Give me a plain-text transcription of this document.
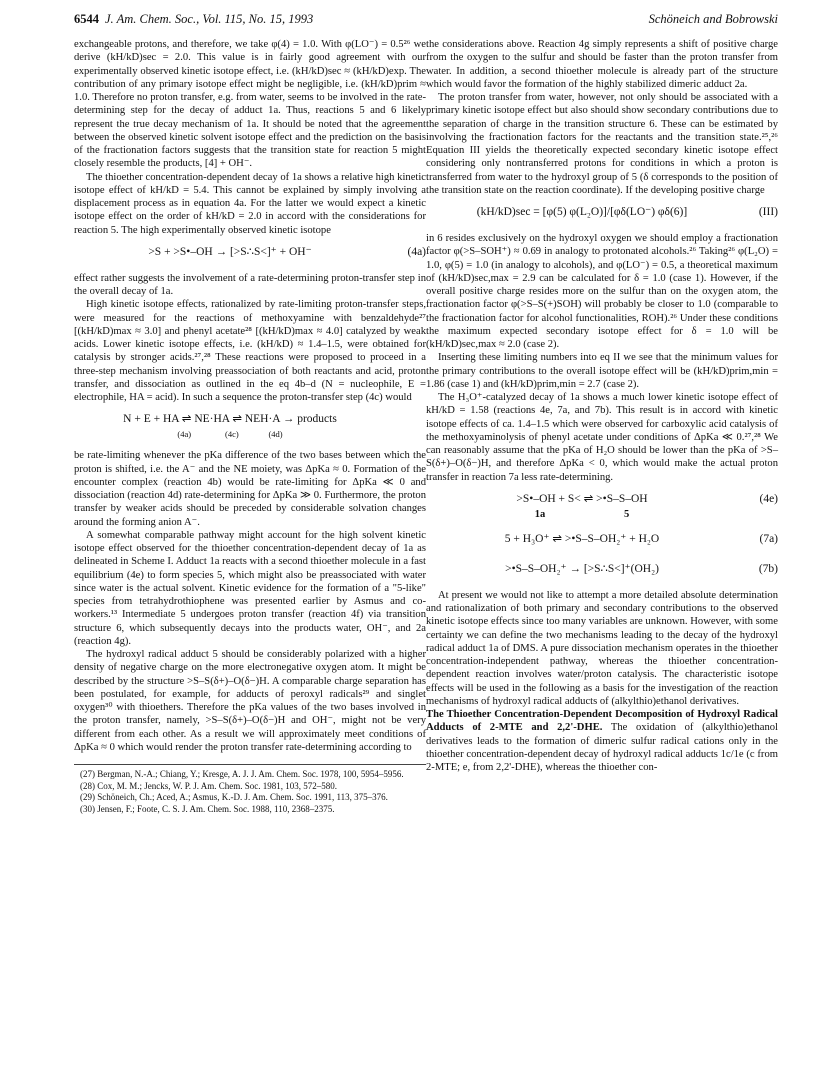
6544 J. Am. Chem. Soc., Vol. 115, No. 15, 1993	Schöneich and Bobrowski

exchangeable protons, and therefore, we take φ(4) = 1.0. With φ(LO⁻) = 0.5²⁶ we derive (kH/kD)sec = 2.0. This value is in fairly good agreement with our experimentally observed kinetic isotope effect, i.e. (kH/kD)sec ≈ (kH/kD)exp. The contribution of any primary isotope effect might be negligible, i.e. (kH/kD)prim ≈ 1.0. Therefore no proton transfer, e.g. from water, seems to be involved in the rate-determining step for the decay of adduct 1a. Thus, reactions 5 and 6 likely represent the true decay mechanism of 1a. It should be noted that the agreement between the observed kinetic solvent isotope effect and the prediction on the basis of the fractionation factors suggests that the transition state for reaction 5 might closely resemble the products, [4] + OH⁻.

The thioether concentration-dependent decay of 1a shows a relative high kinetic isotope effect of kH/kD = 5.4. This cannot be explained by simply involving a displacement process as in equation 4a. For the latter we would expect a kinetic isotope effect on the order of kH/kD = 2.0 in accord with the considerations for reaction 5. The high experimentally observed kinetic isotope

>S + >S•–OH → [>S∴S<]⁺ + OH⁻	(4a)

effect rather suggests the involvement of a rate-determining proton-transfer step in the overall decay of 1a.

High kinetic isotope effects, rationalized by rate-limiting proton-transfer steps, were measured for the reactions of methoxyamine with benzaldehyde²⁷ [(kH/kD)max ≈ 3.0] and phenyl acetate²⁸ [(kH/kD)max ≈ 4.0] catalyzed by weak acids. Lower kinetic isotope effects, i.e. (kH/kD) ≈ 1.4–1.5, were obtained for catalysis by stronger acids.²⁷,²⁸ These reactions were proposed to proceed in a three-step mechanism involving preassociation of both reactants and acid, proton transfer, and dissociation as outlined in the eq 4b–d (N = nucleophile, E = electrophile, HA = acid). In such a sequence the proton-transfer step (4c) would

N + E + HA ⇌ NE·HA ⇌ NEH·A → products
(4a)                (4c)              (4d)

be rate-limiting whenever the pKa difference of the two bases between which the proton is shifted, i.e. the A⁻ and the NE moiety, was ΔpKa ≈ 0. Formation of the encounter complex (reaction 4b) would be rate-limiting for ΔpKa ≪ 0 and dissociation (reaction 4d) rate-determining for ΔpKa ≫ 0. Furthermore, the proton transfer by weaker acids should be preceded by considerable solvation changes around the forming anion A⁻.

A somewhat comparable pathway might account for the high solvent kinetic isotope effect observed for the thioether concentration-dependent decay of 1a as delineated in Scheme I. Adduct 1a reacts with a second thioether molecule in a fast equilibrium (4e) to form species 5, which might also be preassociated with water since water is the actual solvent. Kinetic evidence for the formation of a "5-like" species from tetrahydrothiophene was presented earlier by Asmus and co-workers.¹³ Intermediate 5 undergoes proton transfer (reaction 4f) via transition structure 6, which subsequently decays into the products water, OH⁻, and 2a (reaction 4g).

The hydroxyl radical adduct 5 should be considerably polarized with a higher density of negative charge on the more electronegative oxygen atom. It might be described by the structure >S–S(δ+)–O(δ−)H. A comparable charge separation has been postulated, for example, for adducts of peroxyl radicals²⁹ and singlet oxygen³⁰ with thioethers. Therefore the pKa values of the two bases involved in the proton transfer, namely, >S–S(δ+)–O(δ−)H and OH⁻, might not be very different from each other. As a result we will approximately meet conditions of ΔpKa ≈ 0 which would render the proton transfer rate-determining according to

(27) Bergman, N.-A.; Chiang, Y.; Kresge, A. J. J. Am. Chem. Soc. 1978, 100, 5954–5956.
(28) Cox, M. M.; Jencks, W. P. J. Am. Chem. Soc. 1981, 103, 572–580.
(29) Schöneich, Ch.; Aced, A.; Asmus, K.-D. J. Am. Chem. Soc. 1991, 113, 375–376.
(30) Jensen, F.; Foote, C. S. J. Am. Chem. Soc. 1988, 110, 2368–2375.

the considerations above. Reaction 4g simply represents a shift of positive charge from the oxygen to the sulfur and should be faster than the proton transfer from water. In addition, a second thioether molecule is already part of the structure which would favor the formation of the highly stabilized dimeric adduct 2a.

The proton transfer from water, however, not only should be associated with a primary kinetic isotope effect but also should show secondary contributions due to the separation of charge in the transition structure 6. These can be estimated by involving the fractionation factors for the reactants and the transition state.²⁵,²⁶ Equation III yields the theoretically expected secondary kinetic isotope effect considering only nontransferred protons for conditions in which a proton is transferred from water to the hydroxyl group of 5 (δ corresponds to the position of the transition state on the reaction coordinate). If the developing positive charge

(kH/kD)sec = [φ(5) φ(L₂O)]/[φδ(LO⁻) φδ(6)]	(III)

in 6 resides exclusively on the hydroxyl oxygen we should employ a fractionation factor φ(>S–SOH⁺) ≈ 0.69 in analogy to protonated alcohols.²⁶ Taking²⁶ φ(L₂O) = 1.0, φ(5) = 1.0 (in analogy to alcohols), and φ(LO⁻) = 0.5, a theoretical maximum of (kH/kD)sec,max = 2.9 can be calculated for δ = 1.0 (case 1). However, if the overall positive charge resides more on the sulfur than on the oxygen atom, the fractionation factor φ(>S–S(+)SOH) will probably be closer to 1.0 (comparable to the fractionation factor for alcohol functionalities, ROH).²⁶ Under these conditions the maximum expected secondary isotope effect for δ = 1.0 will be (kH/kD)sec,max ≈ 2.0 (case 2).

Inserting these limiting numbers into eq II we see that the minimum values for the primary contributions to the overall isotope effect will be (kH/kD)prim,min = 1.86 (case 1) and (kH/kD)prim,min = 2.7 (case 2).

The H₃O⁺-catalyzed decay of 1a shows a much lower kinetic isotope effect of kH/kD = 1.58 (reactions 4e, 7a, and 7b). This result is in accord with kinetic isotope effects of ca. 1.4–1.5 which were observed for carboxylic acid catalysis of the methoxyaminolysis of phenyl acetate under conditions of ΔpKa ≪ 0.²⁷,²⁸ We can reasonably assume that the pKa of H₂O should be lower than the pKa of >S–S(δ+)–O(δ−)H, and therefore ΔpKa < 0, which would make the actual proton transfer in reaction 7a less rate-determining.

>S•–OH + S< ⇌ >•S–S–OH
1a                              5
(4e)
5 + H₃O⁺ ⇌ >•S–S–OH₂⁺ + H₂O	(7a)
>•S–S–OH₂⁺ → [>S∴S<]⁺(OH₂)	(7b)

At present we would not like to attempt a more detailed absolute determination and rationalization of both primary and secondary contributions to the observed kinetic isotope effects since too many variables are unknown. However, with some certainty we can define the two mechanisms leading to the decay of the hydroxyl radical adduct 1a of DMS. A pure dissociation mechanism operates in the thioether concentration-independent pathway, whereas the thioether concentration-dependent reaction involves water/proton catalysis. The characteristic isotope effects will be used in the following as a basis for the investigation of the reaction mechanisms of hydroxyl radical adducts of (alkylthio)ethanol derivatives.

The Thioether Concentration-Dependent Decomposition of Hydroxyl Radical Adducts of 2-MTE and 2,2'-DHE. The oxidation of (alkylthio)ethanol derivatives leads to the formation of dimeric sulfur radical cations only in the thioether concentration-dependent decay of hydroxyl radical adducts 1c/1e (c from 2-MTE; e, from 2,2'-DHE), whereas the thioether con-
